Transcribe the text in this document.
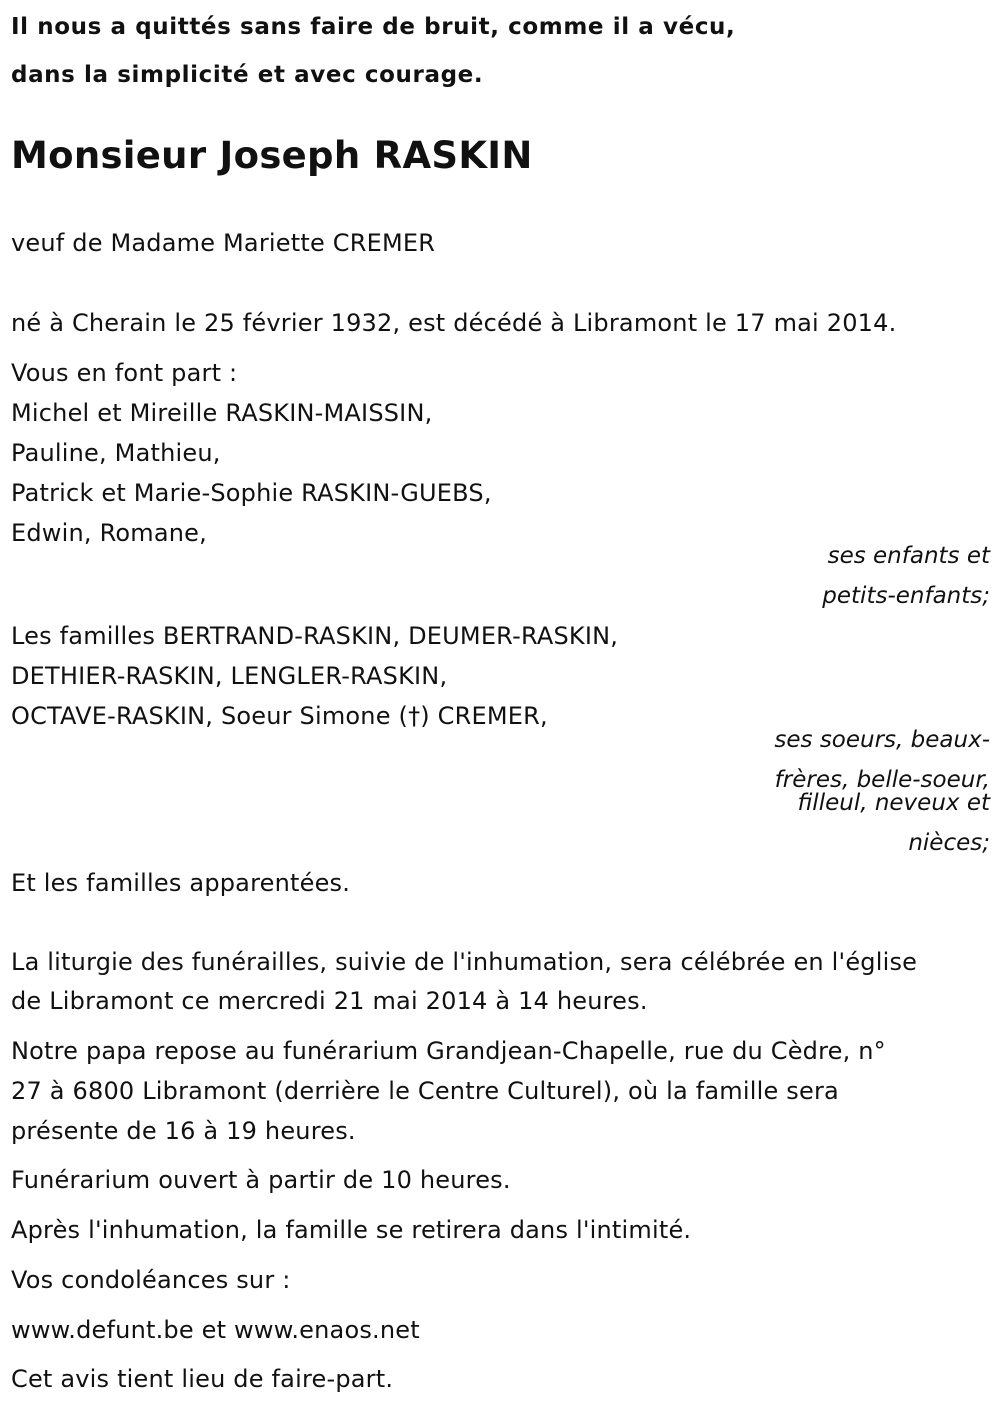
Il nous a quittés sans faire de bruit, comme il a vécu,
dans la simplicité et avec courage.
Monsieur Joseph RASKIN
veuf de Madame Mariette CREMER
né à Cherain le 25 février 1932, est décédé à Libramont le 17 mai 2014.
Vous en font part :
Michel et Mireille RASKIN-MAISSIN,
Pauline, Mathieu,
Patrick et Marie-Sophie RASKIN-GUEBS,
Edwin, Romane,
ses enfants et
petits-enfants;
Les familles BERTRAND-RASKIN, DEUMER-RASKIN,
DETHIER-RASKIN, LENGLER-RASKIN,
OCTAVE-RASKIN, Soeur Simone (†) CREMER,
ses soeurs, beaux-
frères, belle-soeur,
filleul, neveux et
nièces;
Et les familles apparentées.
La liturgie des funérailles, suivie de l'inhumation, sera célébrée en l'église
de Libramont ce mercredi 21 mai 2014 à 14 heures.
Notre papa repose au funérarium Grandjean-Chapelle, rue du Cèdre, n°
27 à 6800 Libramont (derrière le Centre Culturel), où la famille sera
présente de 16 à 19 heures.
Funérarium ouvert à partir de 10 heures.
Après l'inhumation, la famille se retirera dans l'intimité.
Vos condoléances sur :
www.defunt.be et www.enaos.net
Cet avis tient lieu de faire-part.
